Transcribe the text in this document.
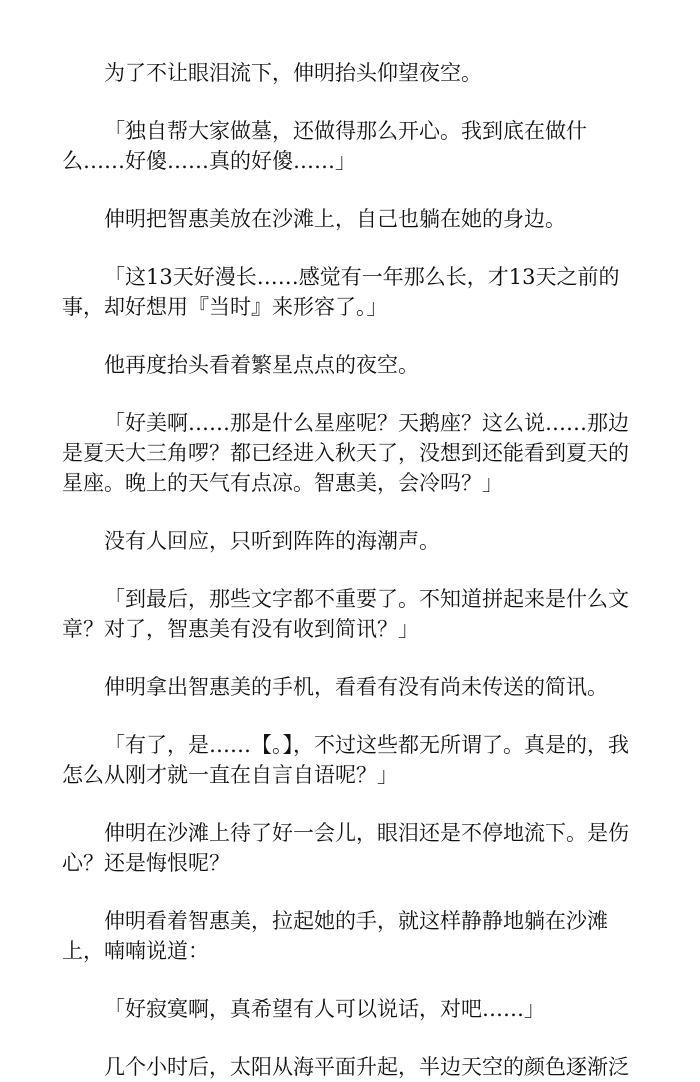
为了不让眼泪流下，伸明抬头仰望夜空。

「独自帮大家做墓，还做得那么开心。我到底在做什么……好傻……真的好傻……」

伸明把智惠美放在沙滩上，自己也躺在她的身边。

「这13天好漫长……感觉有一年那么长，才13天之前的事，却好想用『当时』来形容了。」

他再度抬头看着繁星点点的夜空。

「好美啊……那是什么星座呢？天鹅座？这么说……那边是夏天大三角啰？都已经进入秋天了，没想到还能看到夏天的星座。晚上的天气有点凉。智惠美，会冷吗？」

没有人回应，只听到阵阵的海潮声。

「到最后，那些文字都不重要了。不知道拼起来是什么文章？对了，智惠美有没有收到简讯？」

伸明拿出智惠美的手机，看看有没有尚未传送的简讯。

「有了，是……【。】，不过这些都无所谓了。真是的，我怎么从刚才就一直在自言自语呢？」

伸明在沙滩上待了好一会儿，眼泪还是不停地流下。是伤心？还是悔恨呢？

伸明看着智惠美，拉起她的手，就这样静静地躺在沙滩上，喃喃说道：

「好寂寞啊，真希望有人可以说话，对吧……」

几个小时后，太阳从海平面升起，半边天空的颜色逐渐泛
